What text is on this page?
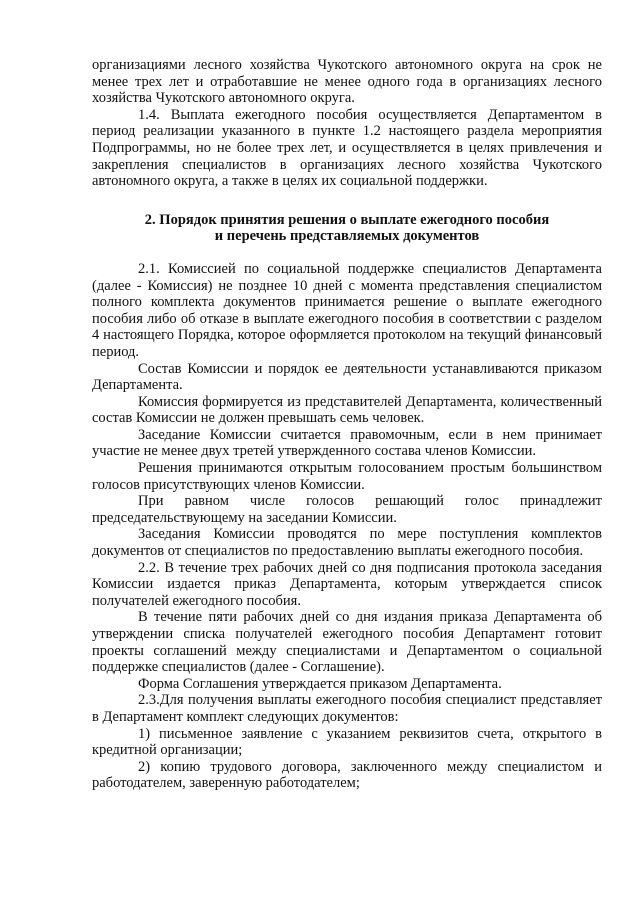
организациями лесного хозяйства Чукотского автономного округа на срок не менее трех лет и отработавшие не менее одного года в организациях лесного хозяйства Чукотского автономного округа.

1.4. Выплата ежегодного пособия осуществляется Департаментом в период реализации указанного в пункте 1.2 настоящего раздела мероприятия Подпрограммы, но не более трех лет, и осуществляется в целях привлечения и закрепления специалистов в организациях лесного хозяйства Чукотского автономного округа, а также в целях их социальной поддержки.

2. Порядок принятия решения о выплате ежегодного пособия
и перечень представляемых документов

2.1. Комиссией по социальной поддержке специалистов Департамента (далее - Комиссия) не позднее 10 дней с момента представления специалистом полного комплекта документов принимается решение о выплате ежегодного пособия либо об отказе в выплате ежегодного пособия в соответствии с разделом 4 настоящего Порядка, которое оформляется протоколом на текущий финансовый период.

Состав Комиссии и порядок ее деятельности устанавливаются приказом Департамента.

Комиссия формируется из представителей Департамента, количественный состав Комиссии не должен превышать семь человек.

Заседание Комиссии считается правомочным, если в нем принимает участие не менее двух третей утвержденного состава членов Комиссии.

Решения принимаются открытым голосованием простым большинством голосов присутствующих членов Комиссии.

При равном числе голосов решающий голос принадлежит председательствующему на заседании Комиссии.

Заседания Комиссии проводятся по мере поступления комплектов документов от специалистов по предоставлению выплаты ежегодного пособия.

2.2. В течение трех рабочих дней со дня подписания протокола заседания Комиссии издается приказ Департамента, которым утверждается список получателей ежегодного пособия.

В течение пяти рабочих дней со дня издания приказа Департамента об утверждении списка получателей ежегодного пособия Департамент готовит проекты соглашений между специалистами и Департаментом о социальной поддержке специалистов (далее - Соглашение).

Форма Соглашения утверждается приказом Департамента.

2.3.Для получения выплаты ежегодного пособия специалист представляет в Департамент комплект следующих документов:

1) письменное заявление с указанием реквизитов счета, открытого в кредитной организации;

2) копию трудового договора, заключенного между специалистом и работодателем, заверенную работодателем;
